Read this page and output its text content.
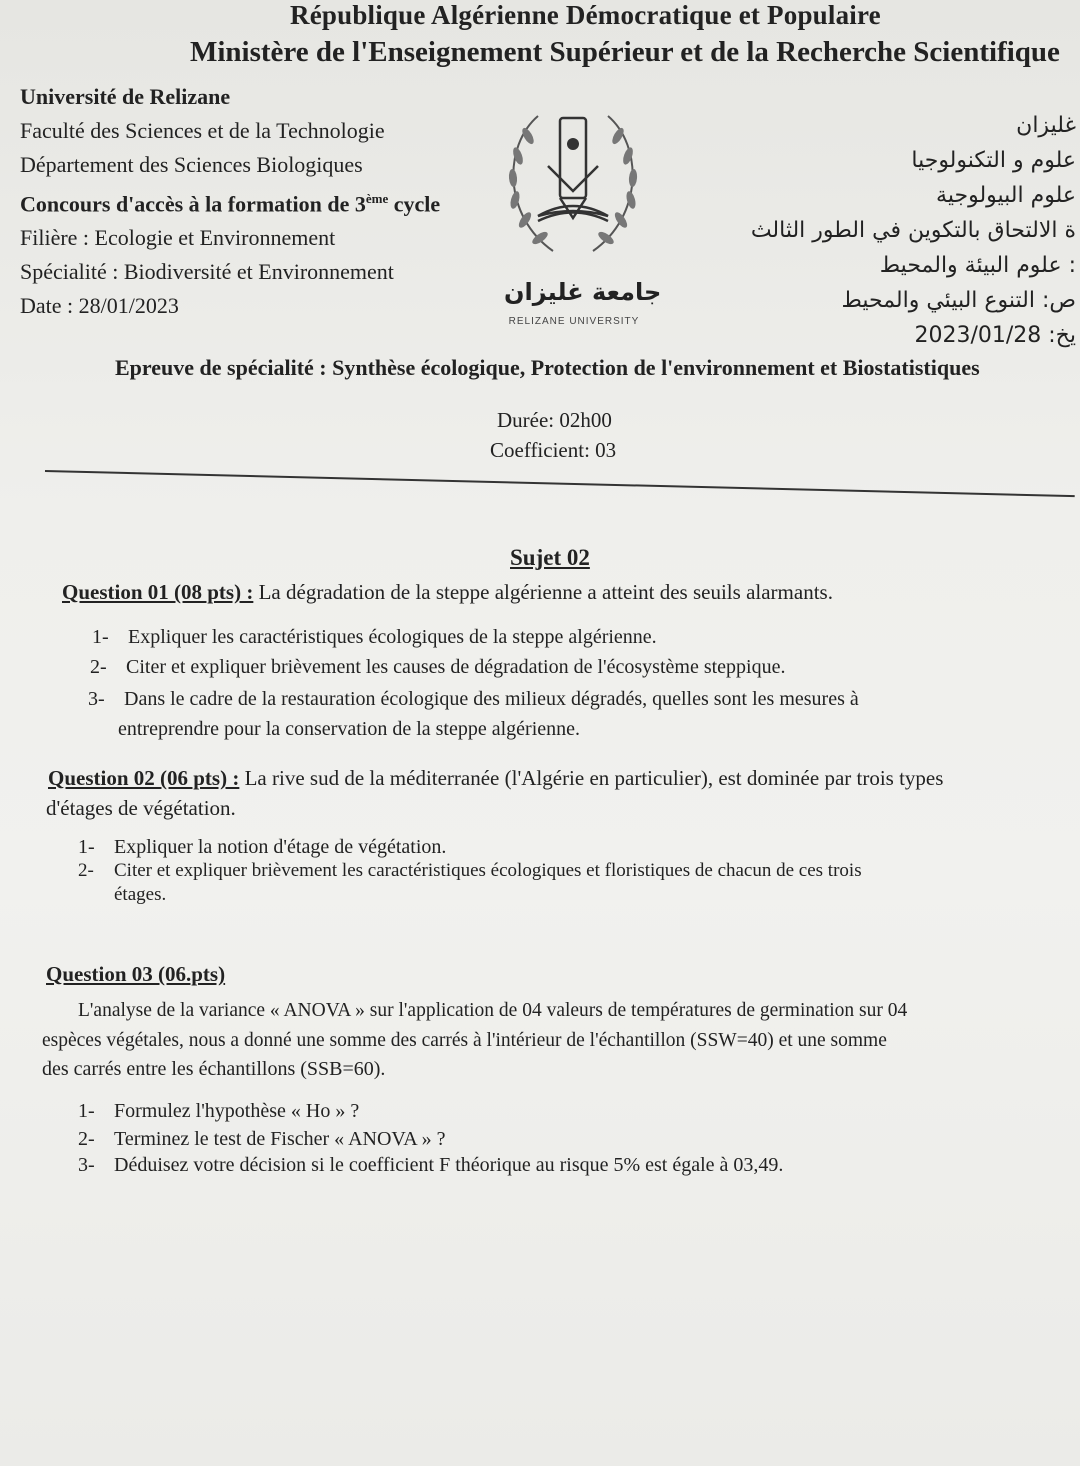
République Algérienne Démocratique et Populaire
Ministère de l'Enseignement Supérieur et de la Recherche Scientifique
Université de Relizane
Faculté des Sciences et de la Technologie
Département des Sciences Biologiques
Concours d'accès à la formation de 3ème cycle
Filière : Ecologie et Environnement
Spécialité : Biodiversité et Environnement
Date : 28/01/2023	جامعة غليزان
RELIZANE UNIVERSITY
غليزان
علوم و التكنولوجيا
علوم البيولوجية
ة الالتحاق بالتكوين في الطور الثالث
: علوم البيئة والمحيط
ص: التنوع البيئي والمحيط
يخ: 2023/01/28
Epreuve de spécialité : Synthèse écologique, Protection de l'environnement et Biostatistiques
Durée: 02h00
Coefficient: 03
Sujet 02
Question 01 (08 pts) : La dégradation de la steppe algérienne a atteint des seuils alarmants.
1- Expliquer les caractéristiques écologiques de la steppe algérienne.
2- Citer et expliquer brièvement les causes de dégradation de l'écosystème steppique.
3- Dans le cadre de la restauration écologique des milieux dégradés, quelles sont les mesures à
entreprendre pour la conservation de la steppe algérienne.
Question 02 (06 pts) : La rive sud de la méditerranée (l'Algérie en particulier), est dominée par trois types
d'étages de végétation.
1- Expliquer la notion d'étage de végétation.
2- Citer et expliquer brièvement les caractéristiques écologiques et floristiques de chacun de ces trois
étages.
Question 03 (06.pts)
L'analyse de la variance « ANOVA » sur l'application de 04 valeurs de températures de germination sur 04
espèces végétales, nous a donné une somme des carrés à l'intérieur de l'échantillon (SSW=40) et une somme
des carrés entre les échantillons (SSB=60).
1- Formulez l'hypothèse « Ho » ?
2- Terminez le test de Fischer « ANOVA » ?
3- Déduisez votre décision si le coefficient F théorique au risque 5% est égale à 03,49.
